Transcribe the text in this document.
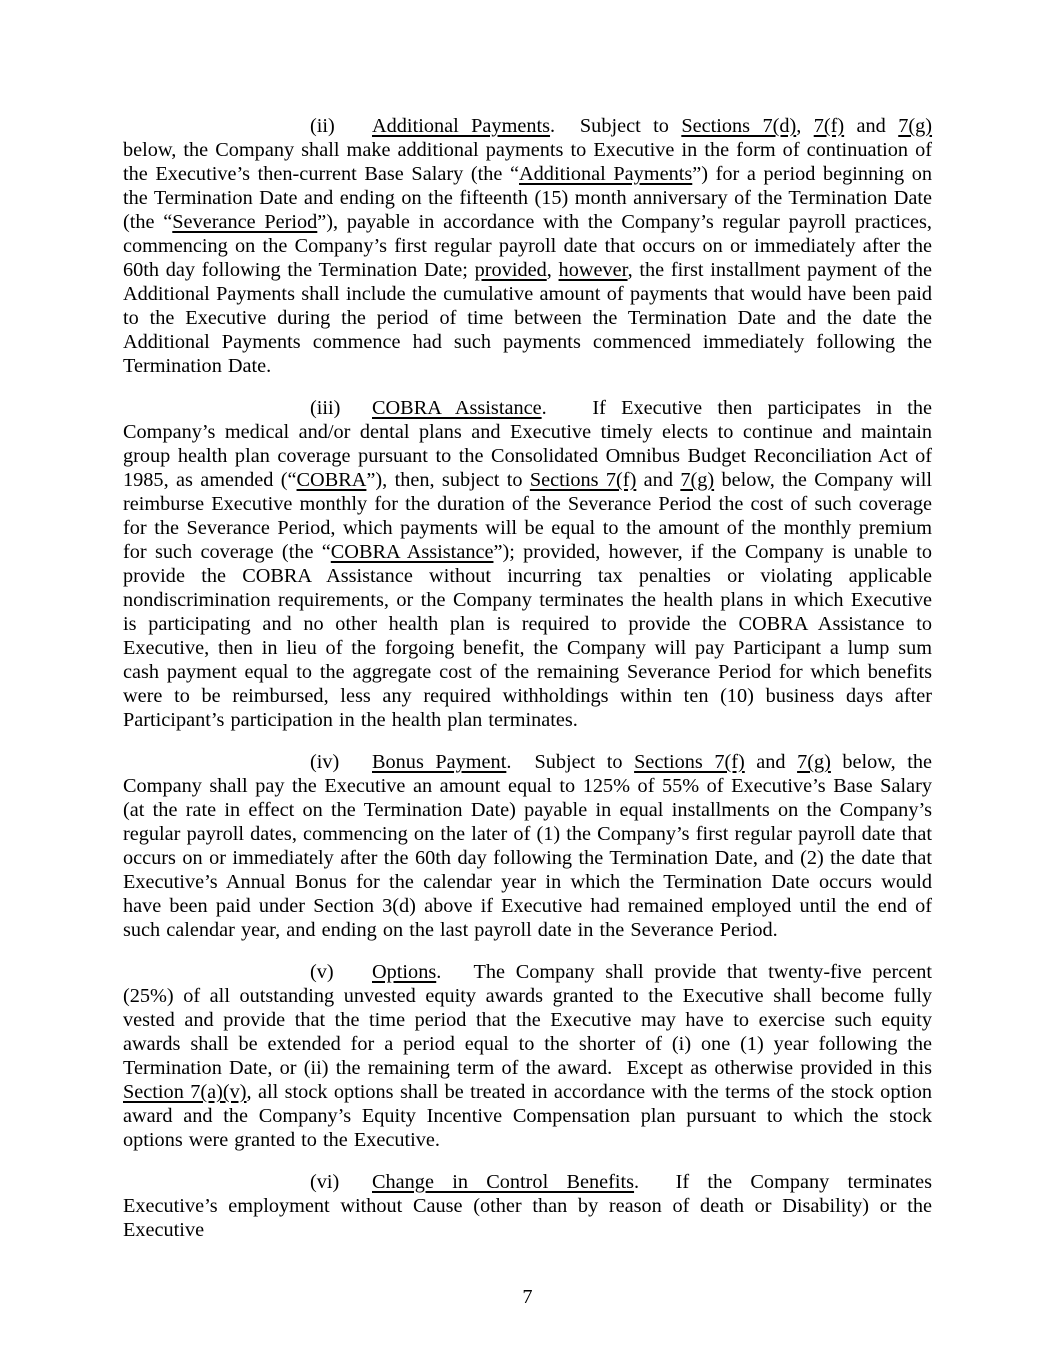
(ii) Additional Payments.  Subject to Sections 7(d), 7(f) and 7(g) below, the Company shall make additional payments to Executive in the form of continuation of the Executive’s then-current Base Salary (the “Additional Payments”) for a period beginning on the Termination Date and ending on the fifteenth (15) month anniversary of the Termination Date (the “Severance Period”), payable in accordance with the Company’s regular payroll practices, commencing on the Company’s first regular payroll date that occurs on or immediately after the 60th day following the Termination Date; provided, however, the first installment payment of the Additional Payments shall include the cumulative amount of payments that would have been paid to the Executive during the period of time between the Termination Date and the date the Additional Payments commence had such payments commenced immediately following the Termination Date.

(iii) COBRA Assistance.   If Executive then participates in the Company’s medical and/or dental plans and Executive timely elects to continue and maintain group health plan coverage pursuant to the Consolidated Omnibus Budget Reconciliation Act of 1985, as amended (“COBRA”), then, subject to Sections 7(f) and 7(g) below, the Company will reimburse Executive monthly for the duration of the Severance Period the cost of such coverage for the Severance Period, which payments will be equal to the amount of the monthly premium for such coverage (the “COBRA Assistance”); provided, however, if the Company is unable to provide the COBRA Assistance without incurring tax penalties or violating applicable nondiscrimination requirements, or the Company terminates the health plans in which Executive is participating and no other health plan is required to provide the COBRA Assistance to Executive, then in lieu of the forgoing benefit, the Company will pay Participant a lump sum cash payment equal to the aggregate cost of the remaining Severance Period for which benefits were to be reimbursed, less any required withholdings within ten (10) business days after Participant’s participation in the health plan terminates.

(iv) Bonus Payment.  Subject to Sections 7(f) and 7(g) below, the Company shall pay the Executive an amount equal to 125% of 55% of Executive’s Base Salary (at the rate in effect on the Termination Date) payable in equal installments on the Company’s regular payroll dates, commencing on the later of (1) the Company’s first regular payroll date that occurs on or immediately after the 60th day following the Termination Date, and (2) the date that Executive’s Annual Bonus for the calendar year in which the Termination Date occurs would have been paid under Section 3(d) above if Executive had remained employed until the end of such calendar year, and ending on the last payroll date in the Severance Period.

(v) Options.   The Company shall provide that twenty-five percent (25%) of all outstanding unvested equity awards granted to the Executive shall become fully vested and provide that the time period that the Executive may have to exercise such equity awards shall be extended for a period equal to the shorter of (i) one (1) year following the Termination Date, or (ii) the remaining term of the award.  Except as otherwise provided in this Section 7(a)(v), all stock options shall be treated in accordance with the terms of the stock option award and the Company’s Equity Incentive Compensation plan pursuant to which the stock options were granted to the Executive.

(vi) Change in Control Benefits.  If the Company terminates Executive’s employment without Cause (other than by reason of death or Disability) or the Executive

7
